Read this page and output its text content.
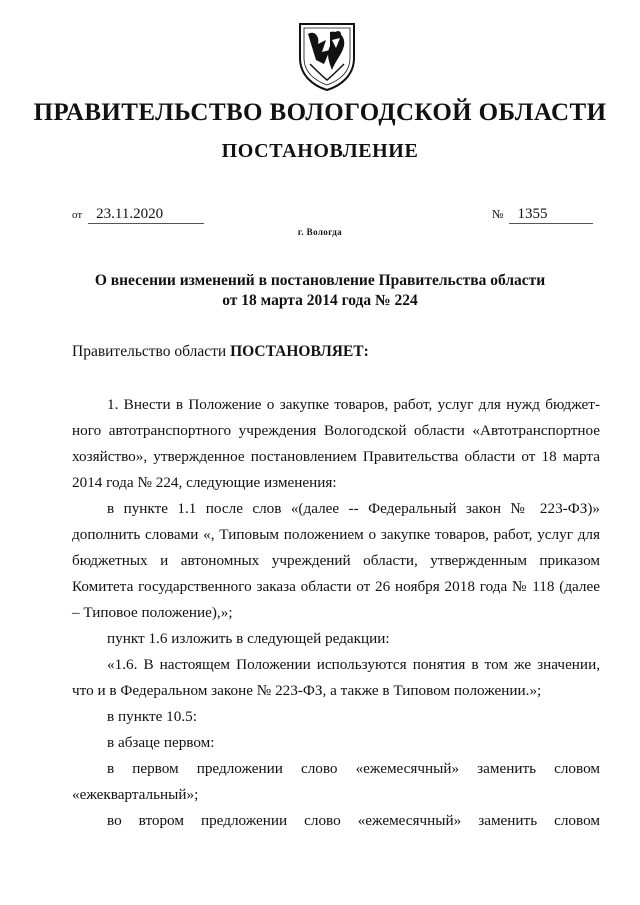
ПРАВИТЕЛЬСТВО ВОЛОГОДСКОЙ ОБЛАСТИ
ПОСТАНОВЛЕНИЕ
от 23.11.2020	№ 1355
г. Вологда
О внесении изменений в постановление Правительства области
от 18 марта 2014 года № 224
Правительство области ПОСТАНОВЛЯЕТ:
1. Внести в Положение о закупке товаров, работ, услуг для нужд бюджет-
ного автотранспортного учреждения Вологодской области «Автотранспортное
хозяйство», утвержденное постановлением Правительства области от 18 марта
2014 года № 224, следующие изменения:
в пункте 1.1 после слов «(далее -- Федеральный закон № 223-ФЗ)»
дополнить словами «, Типовым положением о закупке товаров, работ, услуг для
бюджетных и автономных учреждений области, утвержденным приказом
Комитета государственного заказа области от 26 ноября 2018 года № 118 (далее
– Типовое положение),»;
пункт 1.6 изложить в следующей редакции:
«1.6. В настоящем Положении используются понятия в том же значении,
что и в Федеральном законе № 223-ФЗ, а также в Типовом положении.»;
в пункте 10.5:
в абзаце первом:
в первом предложении слово «ежемесячный» заменить словом
«ежеквартальный»;
во втором предложении слово «ежемесячный» заменить словом
